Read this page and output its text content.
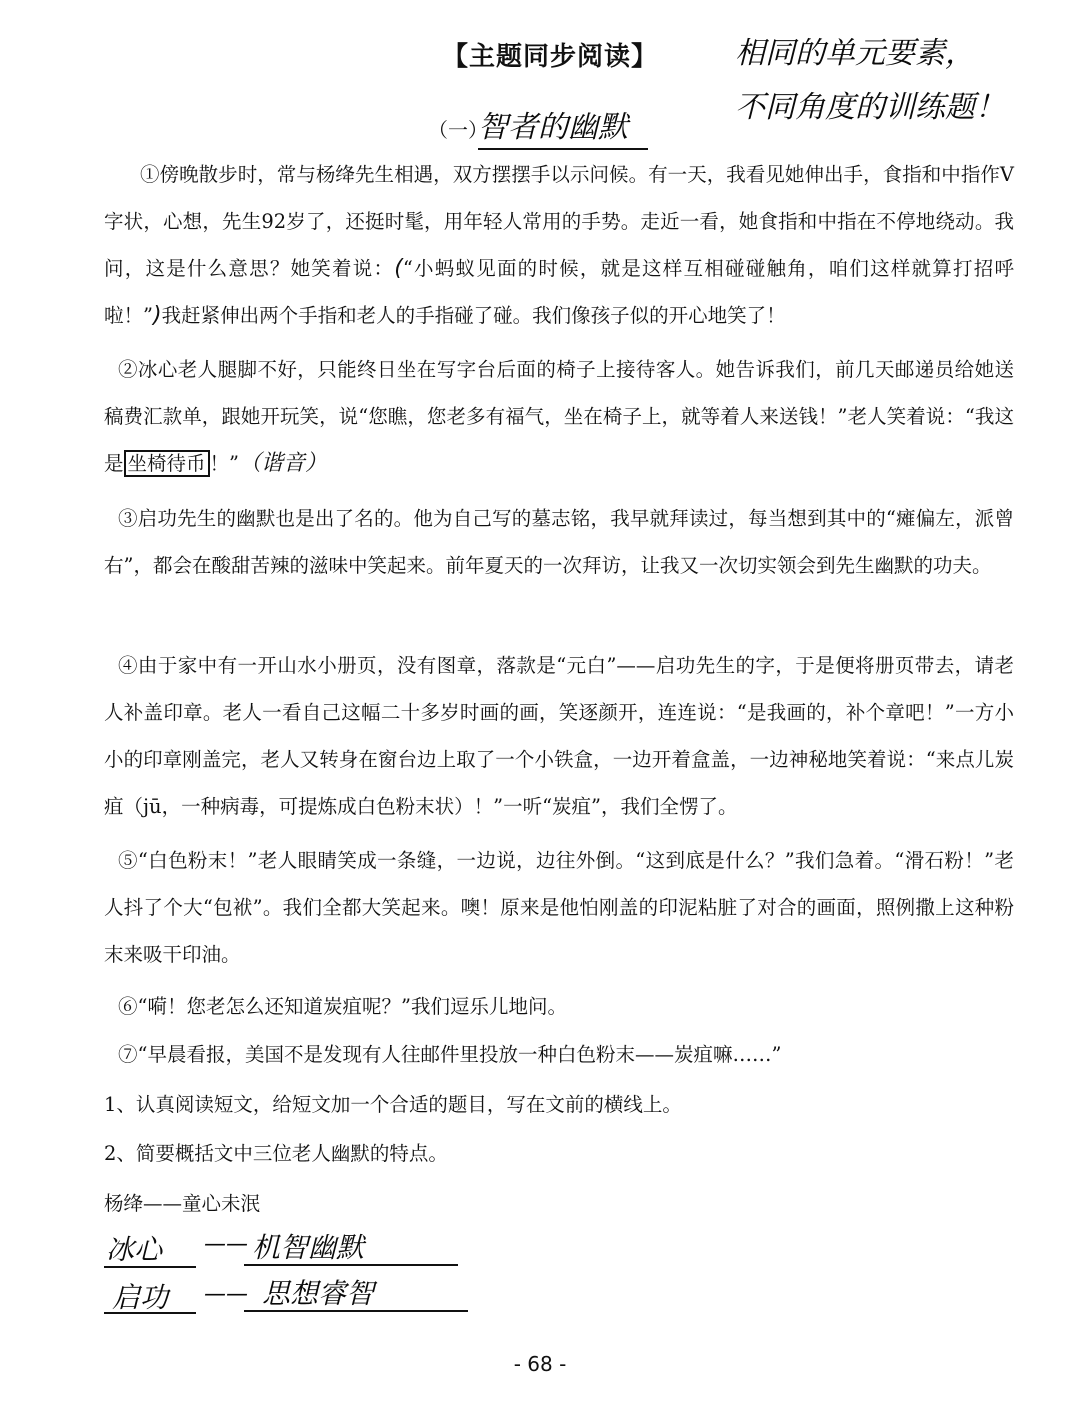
【主题同步阅读】	相同的单元要素，
不同角度的训练题！
（一）
智者的幽默

①傍晚散步时，常与杨绛先生相遇，双方摆摆手以示问候。有一天，我看见她伸出手，食指和中指作V字状，心想，先生92岁了，还挺时髦，用年轻人常用的手势。走近一看，她食指和中指在不停地绕动。我问，这是什么意思？她笑着说：(“小蚂蚁见面的时候，就是这样互相碰碰触角，咱们这样就算打招呼啦！”)我赶紧伸出两个手指和老人的手指碰了碰。我们像孩子似的开心地笑了！

②冰心老人腿脚不好，只能终日坐在写字台后面的椅子上接待客人。她告诉我们，前几天邮递员给她送稿费汇款单，跟她开玩笑，说“您瞧，您老多有福气，坐在椅子上，就等着人来送钱！”老人笑着说：“我这是 坐椅待币 ！”（谐音）

③启功先生的幽默也是出了名的。他为自己写的墓志铭，我早就拜读过，每当想到其中的“瘫偏左，派曾右”，都会在酸甜苦辣的滋味中笑起来。前年夏天的一次拜访，让我又一次切实领会到先生幽默的功夫。

④由于家中有一开山水小册页，没有图章，落款是“元白”——启功先生的字，于是便将册页带去，请老人补盖印章。老人一看自己这幅二十多岁时画的画，笑逐颜开，连连说：“是我画的，补个章吧！”一方小小的印章刚盖完，老人又转身在窗台边上取了一个小铁盒，一边开着盒盖，一边神秘地笑着说：“来点儿炭疽（jū，一种病毒，可提炼成白色粉末状）！”一听“炭疽”，我们全愣了。

⑤“白色粉末！”老人眼睛笑成一条缝，一边说，边往外倒。“这到底是什么？”我们急着。“滑石粉！”老人抖了个大“包袱”。我们全都大笑起来。噢！原来是他怕刚盖的印泥粘脏了对合的画面，照例撒上这种粉末来吸干印油。

⑥“嗬！您老怎么还知道炭疽呢？”我们逗乐儿地问。

⑦“早晨看报，美国不是发现有人往邮件里投放一种白色粉末——炭疽嘛……”

1、认真阅读短文，给短文加一个合适的题目，写在文前的横线上。

2、简要概括文中三位老人幽默的特点。

杨绛——童心未泯

冰心 —— 机智幽默
启功 —— 思想睿智
- 68 -
